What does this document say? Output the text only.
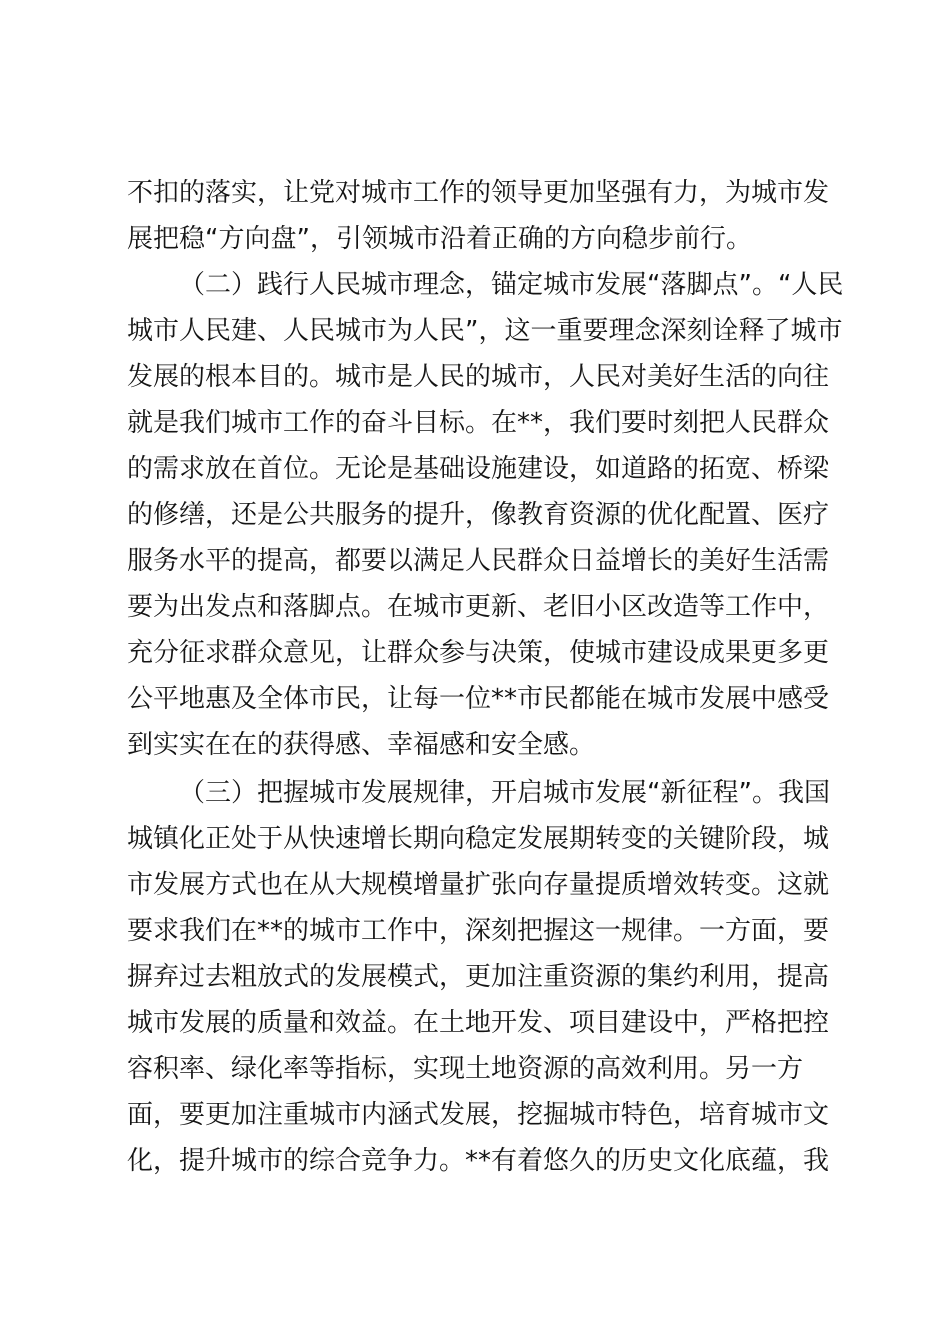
不扣的落实，让党对城市工作的领导更加坚强有力，为城市发
展把稳“方向盘”，引领城市沿着正确的方向稳步前行。
（二）践行人民城市理念，锚定城市发展“落脚点”。“人民
城市人民建、人民城市为人民”，这一重要理念深刻诠释了城市
发展的根本目的。城市是人民的城市，人民对美好生活的向往
就是我们城市工作的奋斗目标。在**，我们要时刻把人民群众
的需求放在首位。无论是基础设施建设，如道路的拓宽、桥梁
的修缮，还是公共服务的提升，像教育资源的优化配置、医疗
服务水平的提高，都要以满足人民群众日益增长的美好生活需
要为出发点和落脚点。在城市更新、老旧小区改造等工作中，
充分征求群众意见，让群众参与决策，使城市建设成果更多更
公平地惠及全体市民，让每一位**市民都能在城市发展中感受
到实实在在的获得感、幸福感和安全感。
（三）把握城市发展规律，开启城市发展“新征程”。我国
城镇化正处于从快速增长期向稳定发展期转变的关键阶段，城
市发展方式也在从大规模增量扩张向存量提质增效转变。这就
要求我们在**的城市工作中，深刻把握这一规律。一方面，要
摒弃过去粗放式的发展模式，更加注重资源的集约利用，提高
城市发展的质量和效益。在土地开发、项目建设中，严格把控
容积率、绿化率等指标，实现土地资源的高效利用。另一方
面，要更加注重城市内涵式发展，挖掘城市特色，培育城市文
化，提升城市的综合竞争力。**有着悠久的历史文化底蕴，我
